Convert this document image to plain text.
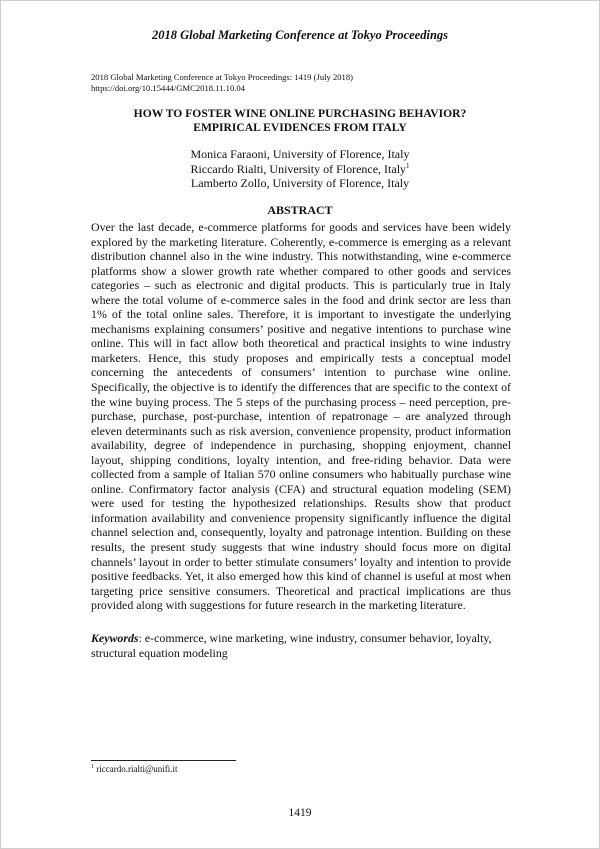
2018 Global Marketing Conference at Tokyo Proceedings
2018 Global Marketing Conference at Tokyo Proceedings: 1419 (July 2018)
https://doi.org/10.15444/GMC2018.11.10.04
HOW TO FOSTER WINE ONLINE PURCHASING BEHAVIOR?
EMPIRICAL EVIDENCES FROM ITALY
Monica Faraoni, University of Florence, Italy
Riccardo Rialti, University of Florence, Italy$^1$
Lamberto Zollo, University of Florence, Italy
ABSTRACT

Over the last decade, e-commerce platforms for goods and services have been widely explored by the marketing literature. Coherently, e-commerce is emerging as a relevant distribution channel also in the wine industry. This notwithstanding, wine e-commerce platforms show a slower growth rate whether compared to other goods and services categories – such as electronic and digital products. This is particularly true in Italy where the total volume of e-commerce sales in the food and drink sector are less than 1% of the total online sales. Therefore, it is important to investigate the underlying mechanisms explaining consumers’ positive and negative intentions to purchase wine online. This will in fact allow both theoretical and practical insights to wine industry marketers. Hence, this study proposes and empirically tests a conceptual model concerning the antecedents of consumers’ intention to purchase wine online. Specifically, the objective is to identify the differences that are specific to the context of the wine buying process. The 5 steps of the purchasing process – need perception, pre-purchase, purchase, post-purchase, intention of repatronage – are analyzed through eleven determinants such as risk aversion, convenience propensity, product information availability, degree of independence in purchasing, shopping enjoyment, channel layout, shipping conditions, loyalty intention, and free-riding behavior. Data were collected from a sample of Italian 570 online consumers who habitually purchase wine online. Confirmatory factor analysis (CFA) and structural equation modeling (SEM) were used for testing the hypothesized relationships. Results show that product information availability and convenience propensity significantly influence the digital channel selection and, consequently, loyalty and patronage intention. Building on these results, the present study suggests that wine industry should focus more on digital channels’ layout in order to better stimulate consumers’ loyalty and intention to provide positive feedbacks. Yet, it also emerged how this kind of channel is useful at most when targeting price sensitive consumers. Theoretical and practical implications are thus provided along with suggestions for future research in the marketing literature.

Keywords: e-commerce, wine marketing, wine industry, consumer behavior, loyalty, structural equation modeling
$^1$ riccardo.rialti@unifi.it
1419
